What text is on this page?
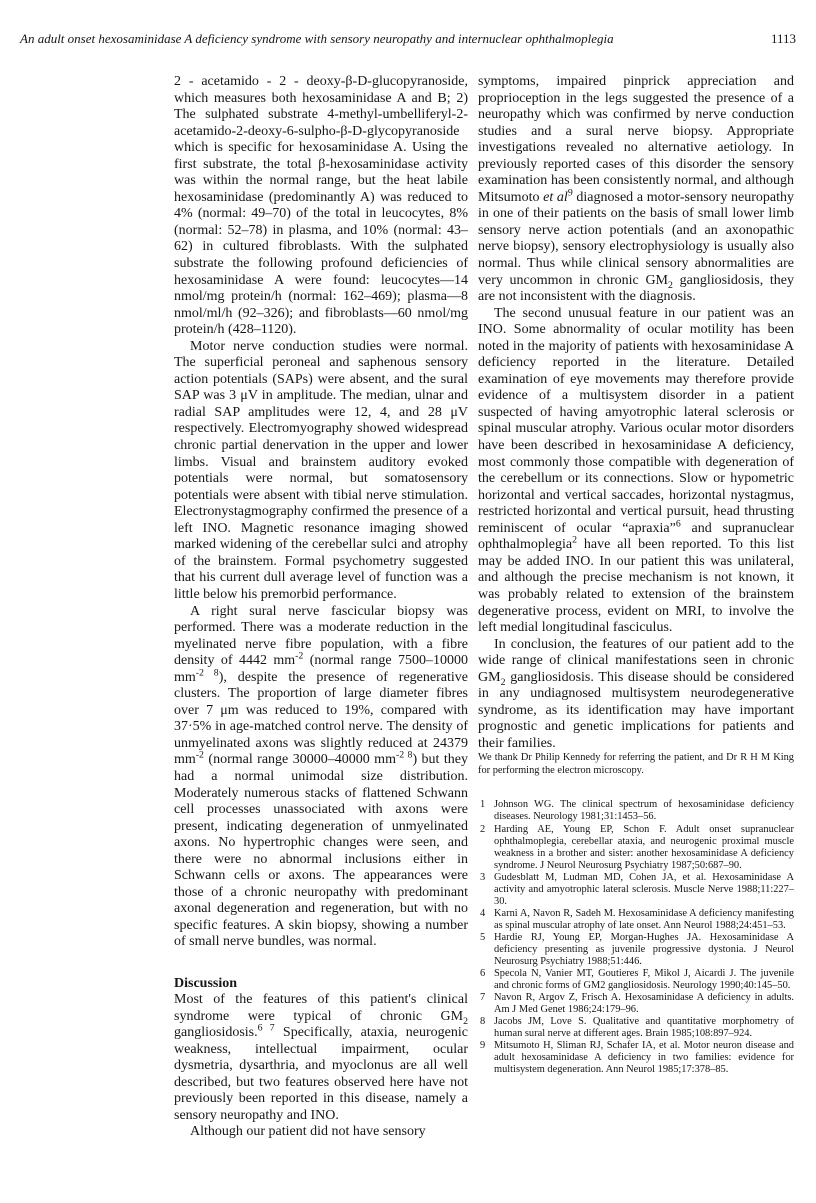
An adult onset hexosaminidase A deficiency syndrome with sensory neuropathy and internuclear ophthalmoplegia	1113

2 - acetamido - 2 - deoxy-β-D-glucopyranoside, which measures both hexosaminidase A and B; 2) The sulphated substrate 4-methyl-umbelliferyl-2-acetamido-2-deoxy-6-sulpho-β-D-glycopyranoside which is specific for hexosaminidase A. Using the first substrate, the total β-hexosaminidase activity was within the normal range, but the heat labile hexosaminidase (predominantly A) was reduced to 4% (normal: 49–70) of the total in leucocytes, 8% (normal: 52–78) in plasma, and 10% (normal: 43–62) in cultured fibroblasts. With the sulphated substrate the following profound deficiencies of hexosaminidase A were found: leucocytes—14 nmol/mg protein/h (normal: 162–469); plasma—8 nmol/ml/h (92–326); and fibroblasts—60 nmol/mg protein/h (428–1120).

Motor nerve conduction studies were normal. The superficial peroneal and saphenous sensory action potentials (SAPs) were absent, and the sural SAP was 3 μV in amplitude. The median, ulnar and radial SAP amplitudes were 12, 4, and 28 μV respectively. Electromyography showed widespread chronic partial denervation in the upper and lower limbs. Visual and brainstem auditory evoked potentials were normal, but somatosensory potentials were absent with tibial nerve stimulation. Electronystagmography confirmed the presence of a left INO. Magnetic resonance imaging showed marked widening of the cerebellar sulci and atrophy of the brainstem. Formal psychometry suggested that his current dull average level of function was a little below his premorbid performance.

A right sural nerve fascicular biopsy was performed. There was a moderate reduction in the myelinated nerve fibre population, with a fibre density of 4442 $mm^{-2}$ (normal range 7500–10000 $mm^{-2 8}$), despite the presence of regenerative clusters. The proportion of large diameter fibres over 7 μm was reduced to 19%, compared with 37·5% in age-matched control nerve. The density of unmyelinated axons was slightly reduced at 24379 $mm^{-2}$ (normal range 30000–40000 $mm^{-2 8}$) but they had a normal unimodal size distribution. Moderately numerous stacks of flattened Schwann cell processes unassociated with axons were present, indicating degeneration of unmyelinated axons. No hypertrophic changes were seen, and there were no abnormal inclusions either in Schwann cells or axons. The appearances were those of a chronic neuropathy with predominant axonal degeneration and regeneration, but with no specific features. A skin biopsy, showing a number of small nerve bundles, was normal.

Discussion

Most of the features of this patient's clinical syndrome were typical of chronic $GM_2$ gangliosidosis.$^{6 7}$ Specifically, ataxia, neurogenic weakness, intellectual impairment, ocular dysmetria, dysarthria, and myoclonus are all well described, but two features observed here have not previously been reported in this disease, namely a sensory neuropathy and INO.

Although our patient did not have sensory

symptoms, impaired pinprick appreciation and proprioception in the legs suggested the presence of a neuropathy which was confirmed by nerve conduction studies and a sural nerve biopsy. Appropriate investigations revealed no alternative aetiology. In previously reported cases of this disorder the sensory examination has been consistently normal, and although Mitsumoto et $al^9$ diagnosed a motor-sensory neuropathy in one of their patients on the basis of small lower limb sensory nerve action potentials (and an axonopathic nerve biopsy), sensory electrophysiology is usually also normal. Thus while clinical sensory abnormalities are very uncommon in chronic $GM_2$ gangliosidosis, they are not inconsistent with the diagnosis.

The second unusual feature in our patient was an INO. Some abnormality of ocular motility has been noted in the majority of patients with hexosaminidase A deficiency reported in the literature. Detailed examination of eye movements may therefore provide evidence of a multisystem disorder in a patient suspected of having amyotrophic lateral sclerosis or spinal muscular atrophy. Various ocular motor disorders have been described in hexosaminidase A deficiency, most commonly those compatible with degeneration of the cerebellum or its connections. Slow or hypometric horizontal and vertical saccades, horizontal nystagmus, restricted horizontal and vertical pursuit, head thrusting reminiscent of ocular “apraxia”$^6$ and supranuclear ophthalmoplegia$^2$ have all been reported. To this list may be added INO. In our patient this was unilateral, and although the precise mechanism is not known, it was probably related to extension of the brainstem degenerative process, evident on MRI, to involve the left medial longitudinal fasciculus.

In conclusion, the features of our patient add to the wide range of clinical manifestations seen in chronic $GM_2$ gangliosidosis. This disease should be considered in any undiagnosed multisystem neurodegenerative syndrome, as its identification may have important prognostic and genetic implications for patients and their families.

We thank Dr Philip Kennedy for referring the patient, and Dr R H M King for performing the electron microscopy.

1 Johnson WG. The clinical spectrum of hexosaminidase deficiency diseases. Neurology 1981;31:1453–56.
2 Harding AE, Young EP, Schon F. Adult onset supranuclear ophthalmoplegia, cerebellar ataxia, and neurogenic proximal muscle weakness in a brother and sister: another hexosaminidase A deficiency syndrome. J Neurol Neurosurg Psychiatry 1987;50:687–90.
3 Gudesblatt M, Ludman MD, Cohen JA, et al. Hexosaminidase A activity and amyotrophic lateral sclerosis. Muscle Nerve 1988;11:227–30.
4 Karni A, Navon R, Sadeh M. Hexosaminidase A deficiency manifesting as spinal muscular atrophy of late onset. Ann Neurol 1988;24:451–53.
5 Hardie RJ, Young EP, Morgan-Hughes JA. Hexosaminidase A deficiency presenting as juvenile progressive dystonia. J Neurol Neurosurg Psychiatry 1988;51:446.
6 Specola N, Vanier MT, Goutieres F, Mikol J, Aicardi J. The juvenile and chronic forms of GM2 gangliosidosis. Neurology 1990;40:145–50.
7 Navon R, Argov Z, Frisch A. Hexosaminidase A deficiency in adults. Am J Med Genet 1986;24:179–96.
8 Jacobs JM, Love S. Qualitative and quantitative morphometry of human sural nerve at different ages. Brain 1985;108:897–924.
9 Mitsumoto H, Sliman RJ, Schafer IA, et al. Motor neuron disease and adult hexosaminidase A deficiency in two families: evidence for multisystem degeneration. Ann Neurol 1985;17:378–85.
